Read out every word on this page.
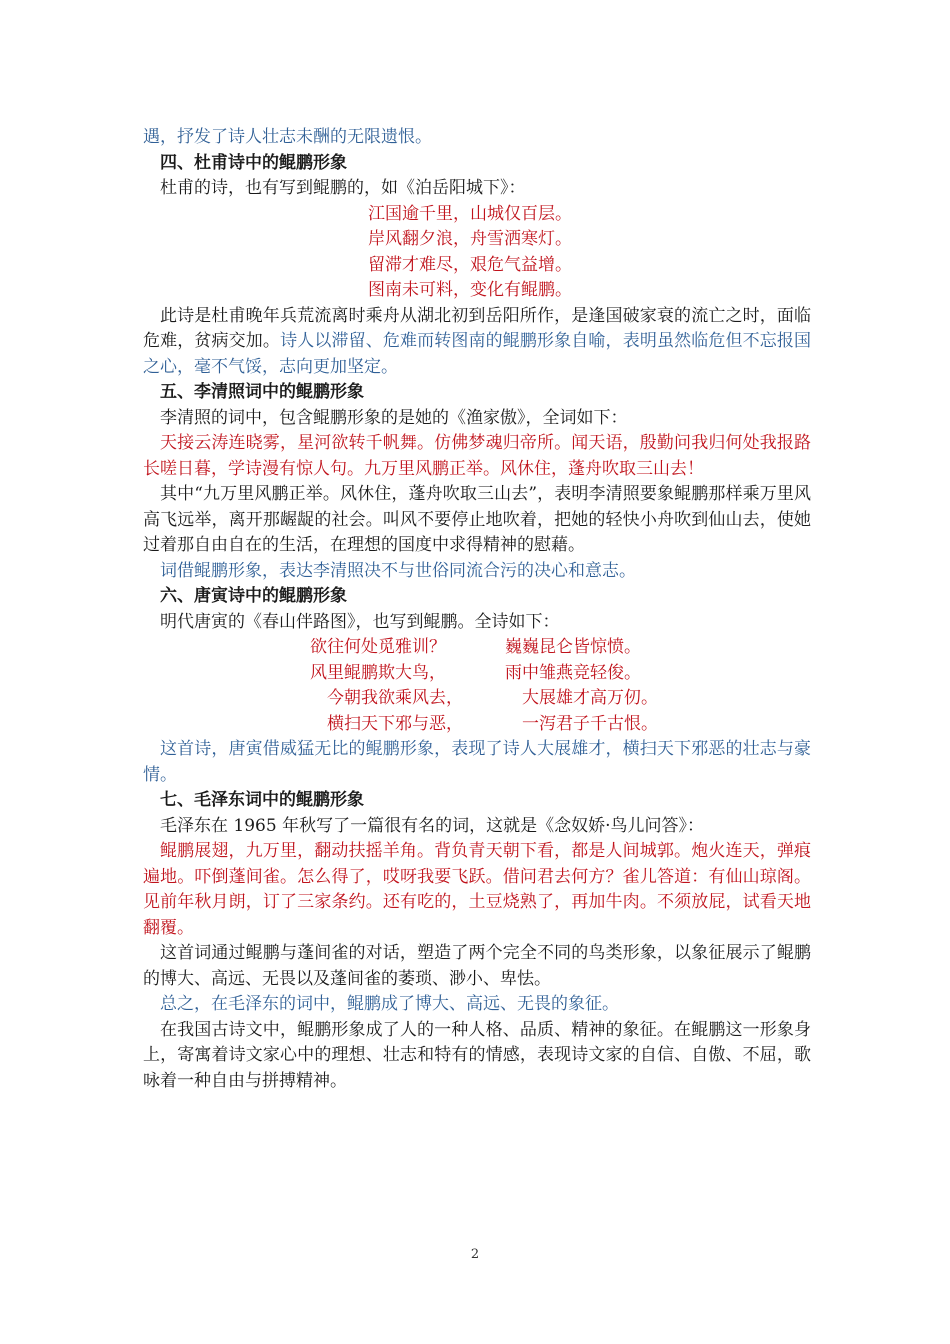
遇，抒发了诗人壮志未酬的无限遗恨。
四、杜甫诗中的鲲鹏形象
杜甫的诗，也有写到鲲鹏的，如《泊岳阳城下》：
江国逾千里，山城仅百层。
岸风翻夕浪，舟雪洒寒灯。
留滞才难尽，艰危气益增。
图南未可料，变化有鲲鹏。
此诗是杜甫晚年兵荒流离时乘舟从湖北初到岳阳所作，是逢国破家衰的流亡之时，面临危难，贫病交加。诗人以滞留、危难而转图南的鲲鹏形象自喻，表明虽然临危但不忘报国之心，毫不气馁，志向更加坚定。
五、李清照词中的鲲鹏形象
李清照的词中，包含鲲鹏形象的是她的《渔家傲》，全词如下：
天接云涛连晓雾，星河欲转千帆舞。仿佛梦魂归帝所。闻天语，殷勤问我归何处我报路长嗟日暮，学诗漫有惊人句。九万里风鹏正举。风休住，蓬舟吹取三山去！
其中“九万里风鹏正举。风休住，蓬舟吹取三山去”，表明李清照要象鲲鹏那样乘万里风高飞远举，离开那龌龊的社会。叫风不要停止地吹着，把她的轻快小舟吹到仙山去，使她过着那自由自在的生活，在理想的国度中求得精神的慰藉。
词借鲲鹏形象，表达李清照决不与世俗同流合污的决心和意志。
六、唐寅诗中的鲲鹏形象
明代唐寅的《春山伴路图》，也写到鲲鹏。全诗如下：
欲往何处觅雅训？	巍巍昆仑皆惊愤。
风里鲲鹏欺大鸟，	雨中雏燕竞轻俊。
今朝我欲乘风去，	大展雄才高万仞。
横扫天下邪与恶，	一泻君子千古恨。
这首诗，唐寅借威猛无比的鲲鹏形象，表现了诗人大展雄才，横扫天下邪恶的壮志与豪情。
七、毛泽东词中的鲲鹏形象
毛泽东在 1965 年秋写了一篇很有名的词，这就是《念奴娇·鸟儿问答》：
鲲鹏展翅，九万里，翻动扶摇羊角。背负青天朝下看，都是人间城郭。炮火连天，弹痕遍地。吓倒蓬间雀。怎么得了，哎呀我要飞跃。借问君去何方？雀儿答道：有仙山琼阁。见前年秋月朗，订了三家条约。还有吃的，土豆烧熟了，再加牛肉。不须放屁，试看天地翻覆。
这首词通过鲲鹏与蓬间雀的对话，塑造了两个完全不同的鸟类形象，以象征展示了鲲鹏的博大、高远、无畏以及蓬间雀的萎琐、渺小、卑怯。
总之，在毛泽东的词中，鲲鹏成了博大、高远、无畏的象征。
在我国古诗文中，鲲鹏形象成了人的一种人格、品质、精神的象征。在鲲鹏这一形象身上，寄寓着诗文家心中的理想、壮志和特有的情感，表现诗文家的自信、自傲、不屈，歌咏着一种自由与拼搏精神。
2
